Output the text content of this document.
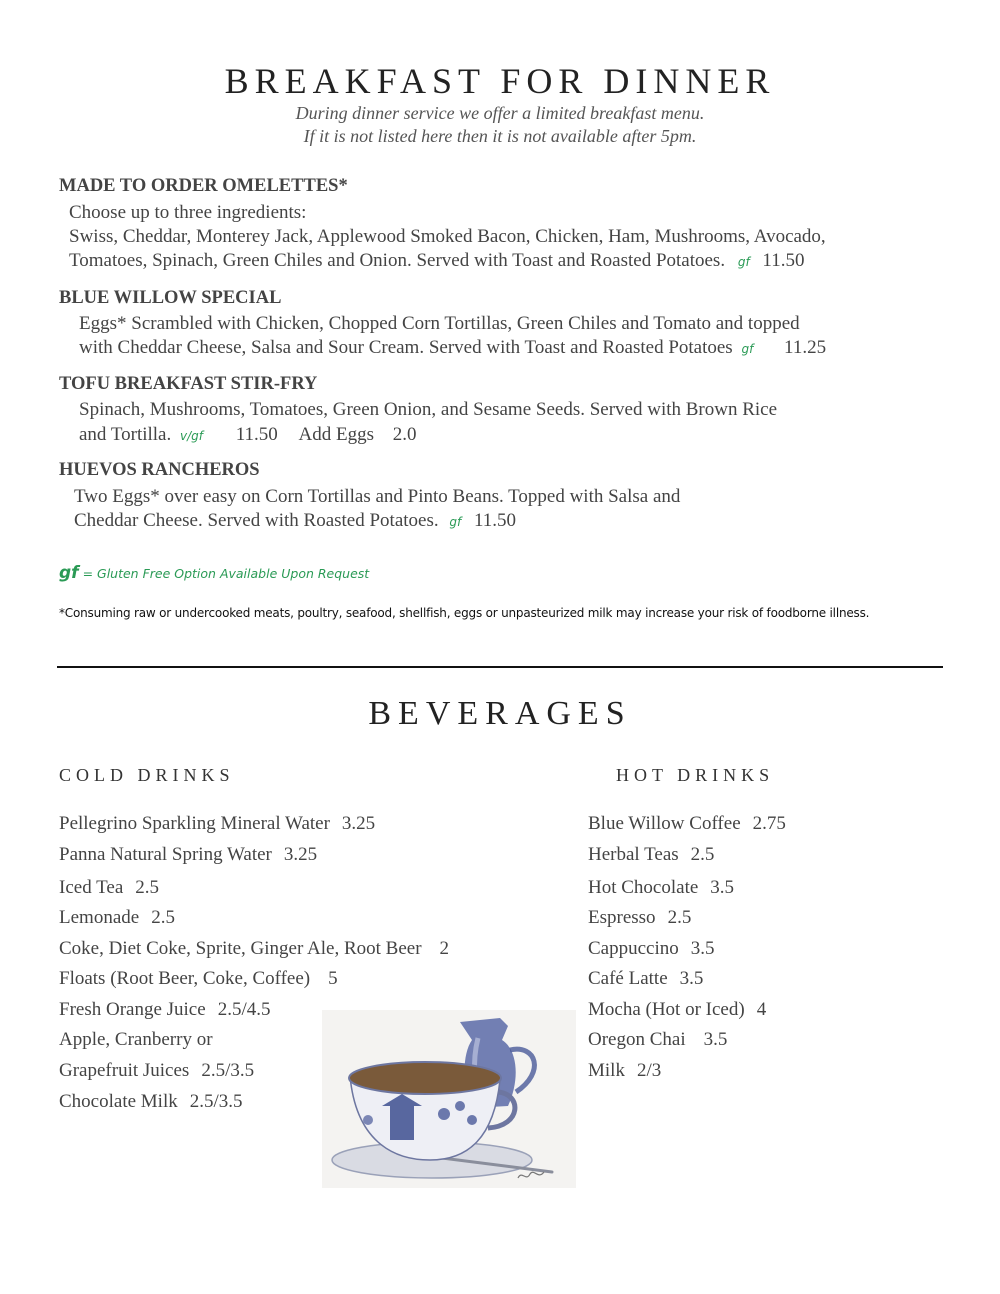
BREAKFAST FOR DINNER
During dinner service we offer a limited breakfast menu.
If it is not listed here then it is not available after 5pm.
MADE TO ORDER OMELETTES*
Choose up to three ingredients:
Swiss, Cheddar, Monterey Jack, Applewood Smoked Bacon, Chicken, Ham, Mushrooms, Avocado,
Tomatoes, Spinach, Green Chiles and Onion. Served with Toast and Roasted Potatoes. gf 11.50
BLUE WILLOW SPECIAL
Eggs* Scrambled with Chicken, Chopped Corn Tortillas, Green Chiles and Tomato and topped
with Cheddar Cheese, Salsa and Sour Cream. Served with Toast and Roasted Potatoes gf 11.25
TOFU BREAKFAST STIR-FRY
Spinach, Mushrooms, Tomatoes, Green Onion, and Sesame Seeds. Served with Brown Rice
and Tortilla. v/gf 11.50 Add Eggs 2.0
HUEVOS RANCHEROS
Two Eggs* over easy on Corn Tortillas and Pinto Beans. Topped with Salsa and
Cheddar Cheese. Served with Roasted Potatoes. gf 11.50
gf = Gluten Free Option Available Upon Request
*Consuming raw or undercooked meats, poultry, seafood, shellfish, eggs or unpasteurized milk may increase your risk of foodborne illness.
BEVERAGES
COLD DRINKS	HOT DRINKS
Pellegrino Sparkling Mineral Water 3.25
Panna Natural Spring Water 3.25
Iced Tea 2.5
Lemonade 2.5
Coke, Diet Coke, Sprite, Ginger Ale, Root Beer 2
Floats (Root Beer, Coke, Coffee) 5
Fresh Orange Juice 2.5/4.5
Apple, Cranberry or
Grapefruit Juices 2.5/3.5
Chocolate Milk 2.5/3.5
Blue Willow Coffee 2.75
Herbal Teas 2.5
Hot Chocolate 3.5
Espresso 2.5
Cappuccino 3.5
Café Latte 3.5
Mocha (Hot or Iced) 4
Oregon Chai 3.5
Milk 2/3
